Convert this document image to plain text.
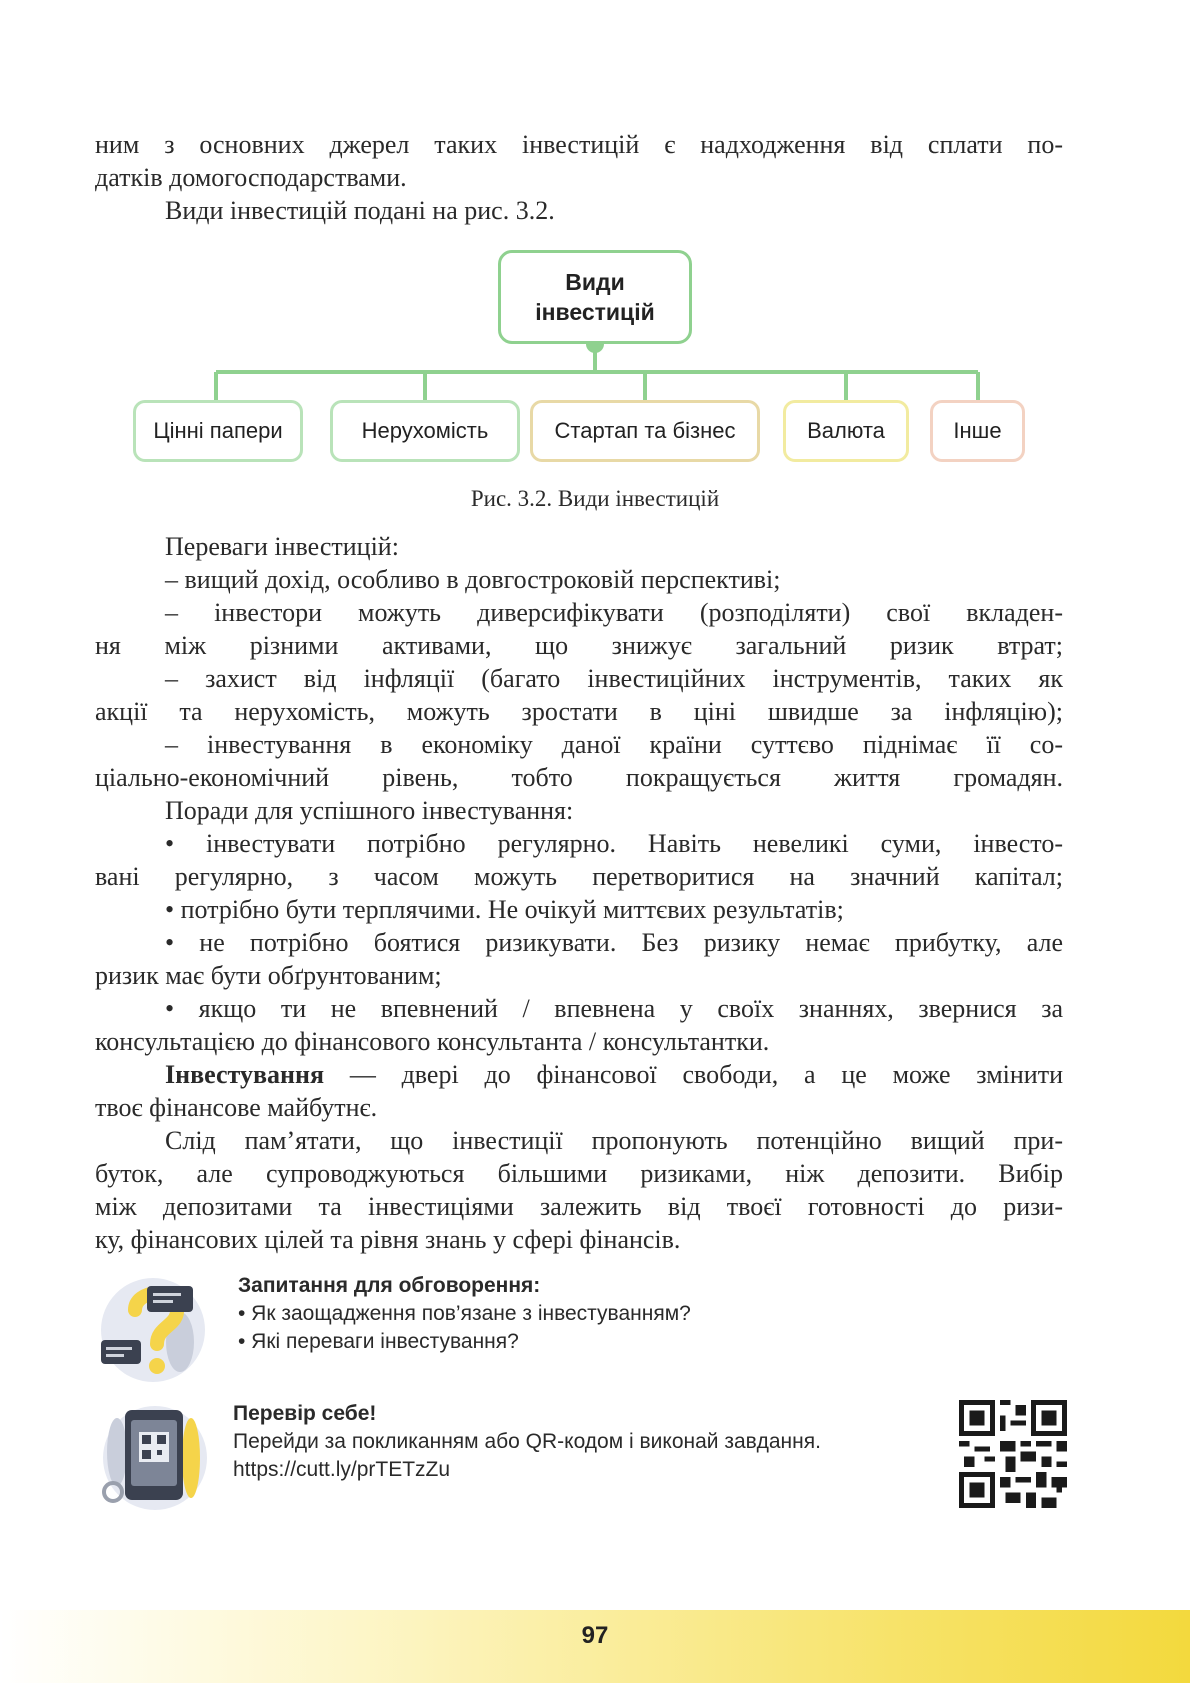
ним з основних джерел таких інвестицій є надходження від сплати по-

датків домогосподарствами.

Види інвестицій подані на рис. 3.2.

Види
інвестицій
Цінні папери	Нерухомість	Стартап та бізнес	Валюта	Інше
Рис. 3.2. Види інвестицій

Переваги інвестицій:

– вищий дохід, особливо в довгостроковій перспективі;

– інвестори можуть диверсифікувати (розподіляти) свої вкладен-

ня між різними активами, що знижує загальний ризик втрат;

– захист від інфляції (багато інвестиційних інструментів, таких як

акції та нерухомість, можуть зростати в ціні швидше за інфляцію);

– інвестування в економіку даної країни суттєво піднімає її со-

ціально-економічний рівень, тобто покращується життя громадян.

Поради для успішного інвестування:

• інвестувати потрібно регулярно. Навіть невеликі суми, інвесто-

вані регулярно, з часом можуть перетворитися на значний капітал;

• потрібно бути терплячими. Не очікуй миттєвих результатів;

• не потрібно боятися ризикувати. Без ризику немає прибутку, але

ризик має бути обґрунтованим;

• якщо ти не впевнений / впевнена у своїх знаннях, звернися за

консультацією до фінансового консультанта / консультантки.

Інвестування — двері до фінансової свободи, а це може змінити

твоє фінансове майбутнє.

Слід пам’ятати, що інвестиції пропонують потенційно вищий при-

буток, але супроводжуються більшими ризиками, ніж депозити. Вибір

між депозитами та інвестиціями залежить від твоєї готовності до ризи-

ку, фінансових цілей та рівня знань у сфері фінансів.

Запитання для обговорення:
• Як заощадження пов’язане з інвестуванням?
• Які переваги інвестування?
Перевір себе!
Перейди за покликанням або QR-кодом і виконай завдання.
https://cutt.ly/prTETzZu
97
